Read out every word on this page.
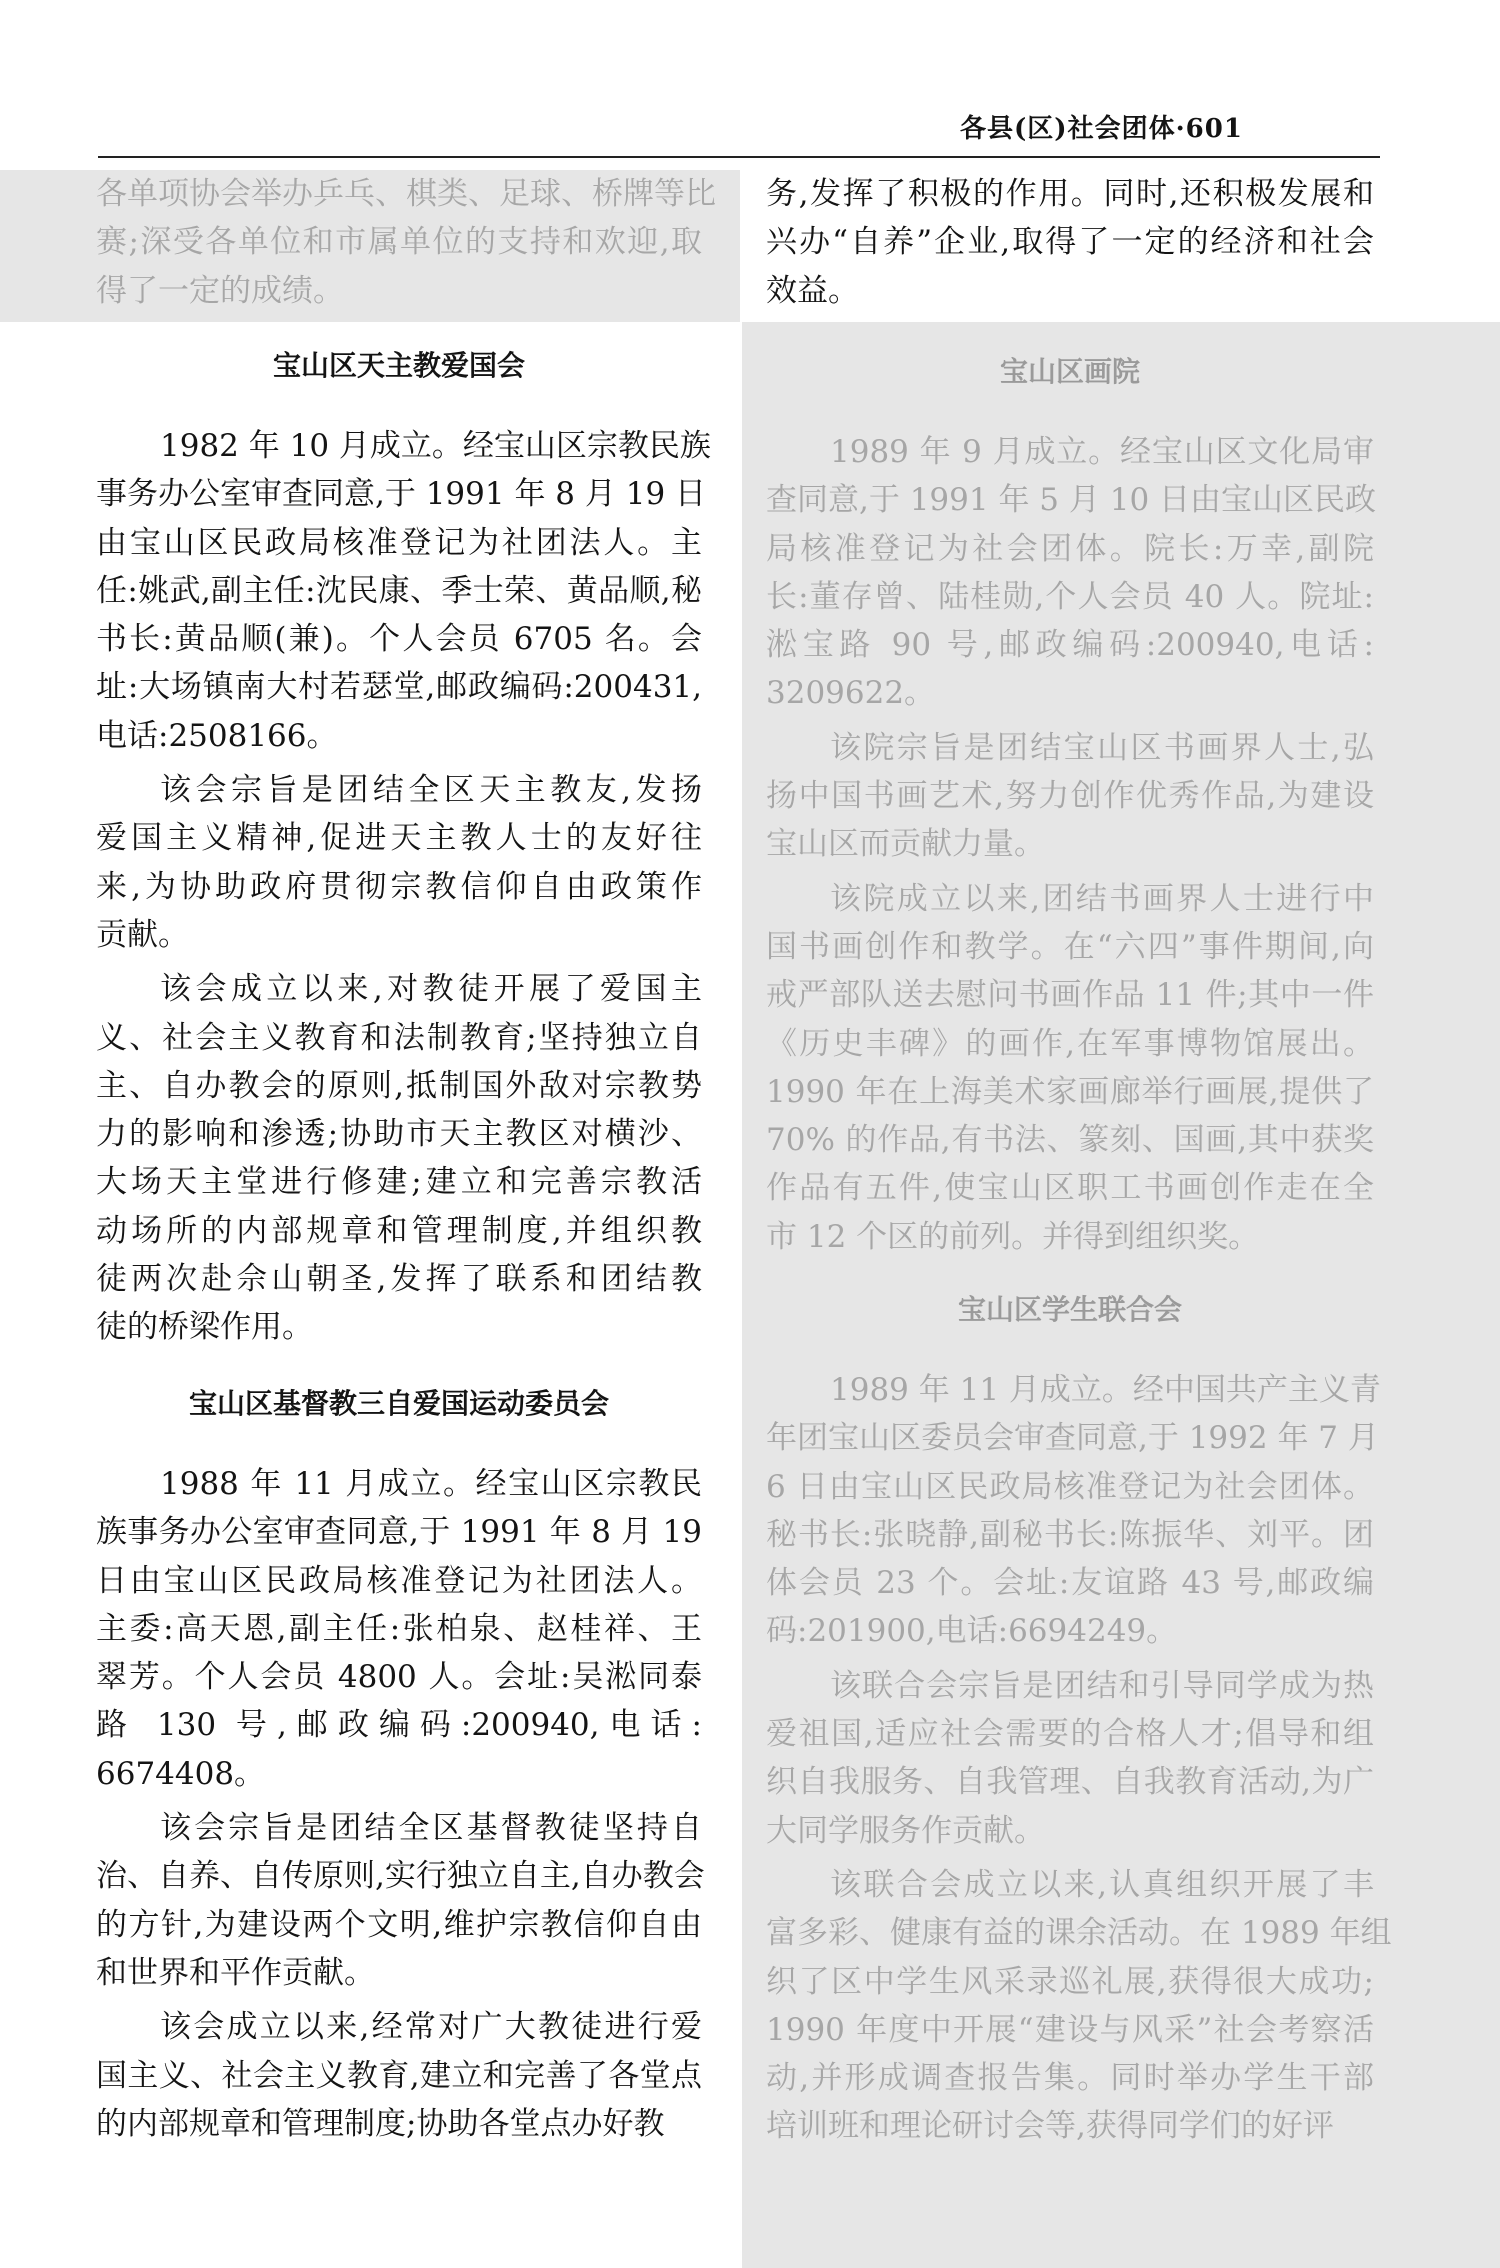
各县(区)社会团体·601
各单项协会举办乒乓、棋类、足球、桥牌等比
赛;深受各单位和市属单位的支持和欢迎,取
得了一定的成绩。
宝山区天主教爱国会
1982 年 10 月成立。经宝山区宗教民族
事务办公室审查同意,于 1991 年 8 月 19 日
由宝山区民政局核准登记为社团法人。主
任:姚武,副主任:沈民康、季士荣、黄品顺,秘
书长:黄品顺(兼)。个人会员 6705 名。会
址:大场镇南大村若瑟堂,邮政编码:200431,
电话:2508166。
该会宗旨是团结全区天主教友,发扬
爱国主义精神,促进天主教人士的友好往
来,为协助政府贯彻宗教信仰自由政策作
贡献。
该会成立以来,对教徒开展了爱国主
义、社会主义教育和法制教育;坚持独立自
主、自办教会的原则,抵制国外敌对宗教势
力的影响和渗透;协助市天主教区对横沙、
大场天主堂进行修建;建立和完善宗教活
动场所的内部规章和管理制度,并组织教
徒两次赴佘山朝圣,发挥了联系和团结教
徒的桥梁作用。
宝山区基督教三自爱国运动委员会
1988 年 11 月成立。经宝山区宗教民
族事务办公室审查同意,于 1991 年 8 月 19
日由宝山区民政局核准登记为社团法人。
主委:高天恩,副主任:张柏泉、赵桂祥、王
翠芳。个人会员 4800 人。会址:吴淞同泰
路 130 号,邮政编码:200940,电话:
6674408。
该会宗旨是团结全区基督教徒坚持自
治、自养、自传原则,实行独立自主,自办教会
的方针,为建设两个文明,维护宗教信仰自由
和世界和平作贡献。
该会成立以来,经常对广大教徒进行爱
国主义、社会主义教育,建立和完善了各堂点
的内部规章和管理制度;协助各堂点办好教
务,发挥了积极的作用。同时,还积极发展和
兴办“自养”企业,取得了一定的经济和社会
效益。
宝山区画院
1989 年 9 月成立。经宝山区文化局审
查同意,于 1991 年 5 月 10 日由宝山区民政
局核准登记为社会团体。院长:万幸,副院
长:董存曾、陆桂勋,个人会员 40 人。院址:
淞宝路 90 号,邮政编码:200940,电话:
3209622。
该院宗旨是团结宝山区书画界人士,弘
扬中国书画艺术,努力创作优秀作品,为建设
宝山区而贡献力量。
该院成立以来,团结书画界人士进行中
国书画创作和教学。在“六四”事件期间,向
戒严部队送去慰问书画作品 11 件;其中一件
《历史丰碑》的画作,在军事博物馆展出。
1990 年在上海美术家画廊举行画展,提供了
70% 的作品,有书法、篆刻、国画,其中获奖
作品有五件,使宝山区职工书画创作走在全
市 12 个区的前列。并得到组织奖。
宝山区学生联合会
1989 年 11 月成立。经中国共产主义青
年团宝山区委员会审查同意,于 1992 年 7 月
6 日由宝山区民政局核准登记为社会团体。
秘书长:张晓静,副秘书长:陈振华、刘平。团
体会员 23 个。会址:友谊路 43 号,邮政编
码:201900,电话:6694249。
该联合会宗旨是团结和引导同学成为热
爱祖国,适应社会需要的合格人才;倡导和组
织自我服务、自我管理、自我教育活动,为广
大同学服务作贡献。
该联合会成立以来,认真组织开展了丰
富多彩、健康有益的课余活动。在 1989 年组
织了区中学生风采录巡礼展,获得很大成功;
1990 年度中开展“建设与风采”社会考察活
动,并形成调查报告集。同时举办学生干部
培训班和理论研讨会等,获得同学们的好评
